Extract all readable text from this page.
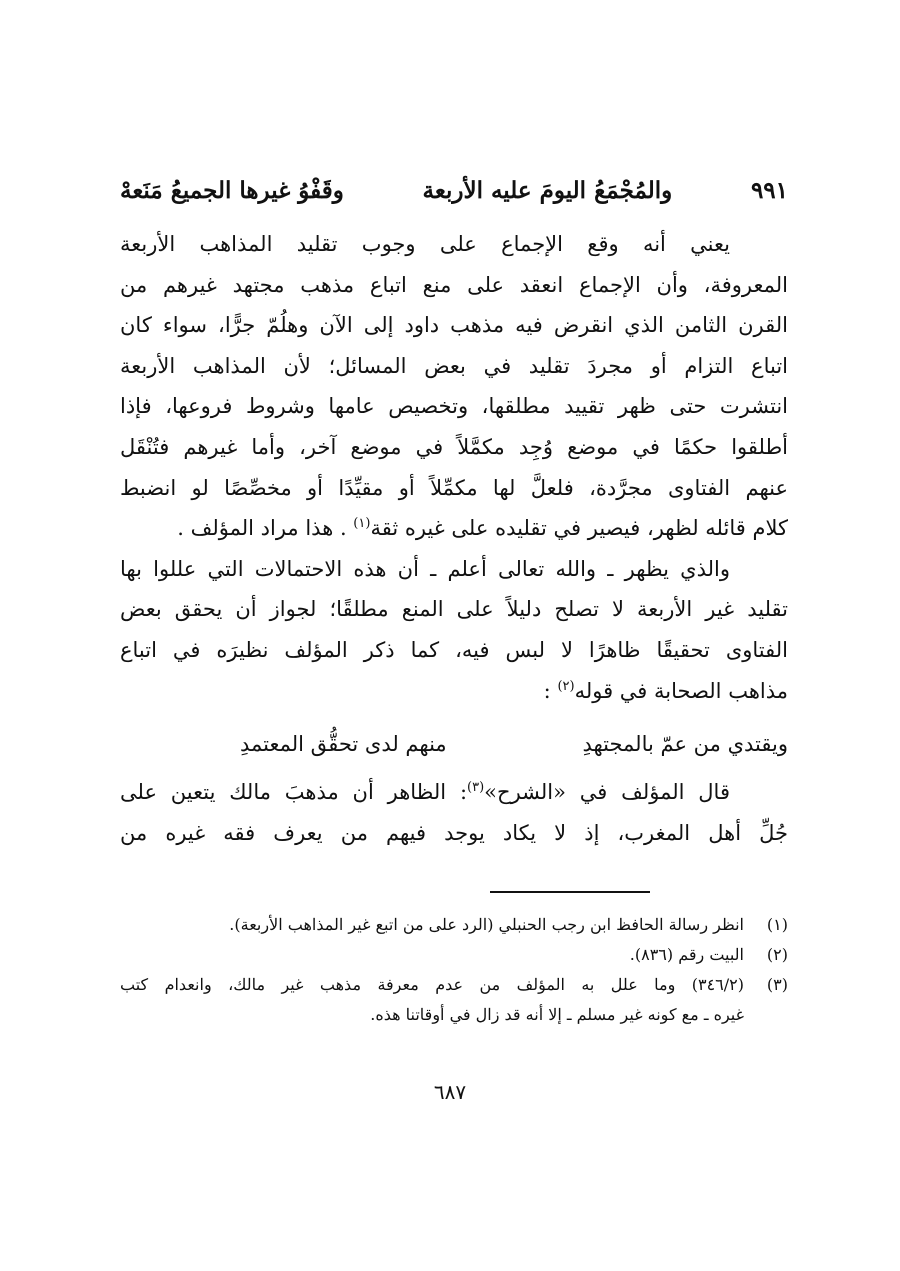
٩٩١
والمُجْمَعُ اليومَ عليه الأربعة
وقَفْوُ غيرها الجميعُ مَنَعهْ
يعني أنه وقع الإجماع على وجوب تقليد المذاهب الأربعة
المعروفة، وأن الإجماع انعقد على منع اتباع مذهب مجتهد غيرهم من
القرن الثامن الذي انقرض فيه مذهب داود إلى الآن وهلُمّ جرًّا، سواء كان
اتباع التزام أو مجردَ تقليد في بعض المسائل؛ لأن المذاهب الأربعة
انتشرت حتى ظهر تقييد مطلقها، وتخصيص عامها وشروط فروعها، فإذا
أطلقوا حكمًا في موضع وُجِد مكمَّلاً في موضع آخر، وأما غيرهم فتُنْقَل
عنهم الفتاوى مجرَّدة، فلعلَّ لها مكمِّلاً أو مقيِّدًا أو مخصِّصًا لو انضبط
كلام قائله لظهر، فيصير في تقليده على غيره ثقة$^{(١)}$ . هذا مراد المؤلف .
والذي يظهر ـ والله تعالى أعلم ـ أن هذه الاحتمالات التي عللوا بها
تقليد غير الأربعة لا تصلح دليلاً على المنع مطلقًا؛ لجواز أن يحقق بعض
الفتاوى تحقيقًا ظاهرًا لا لبس فيه، كما ذكر المؤلف نظيرَه في اتباع
مذاهب الصحابة في قوله$^{(٢)}$ :
ويقتدي من عمّ بالمجتهدِ
منهم لدى تحقُّق المعتمدِ
قال المؤلف في «الشرح»$^{(٣)}$: الظاهر أن مذهبَ مالك يتعين على
جُلِّ أهل المغرب، إذ لا يكاد يوجد فيهم من يعرف فقه غيره من
(١)
انظر رسالة الحافظ ابن رجب الحنبلي (الرد على من اتبع غير المذاهب الأربعة).
(٢)
البيت رقم (٨٣٦).
(٣)
(٣٤٦/٢) وما علل به المؤلف من عدم معرفة مذهب غير مالك، وانعدام كتب
غيره ـ مع كونه غير مسلم ـ إلا أنه قد زال في أوقاتنا هذه.
٦٨٧
